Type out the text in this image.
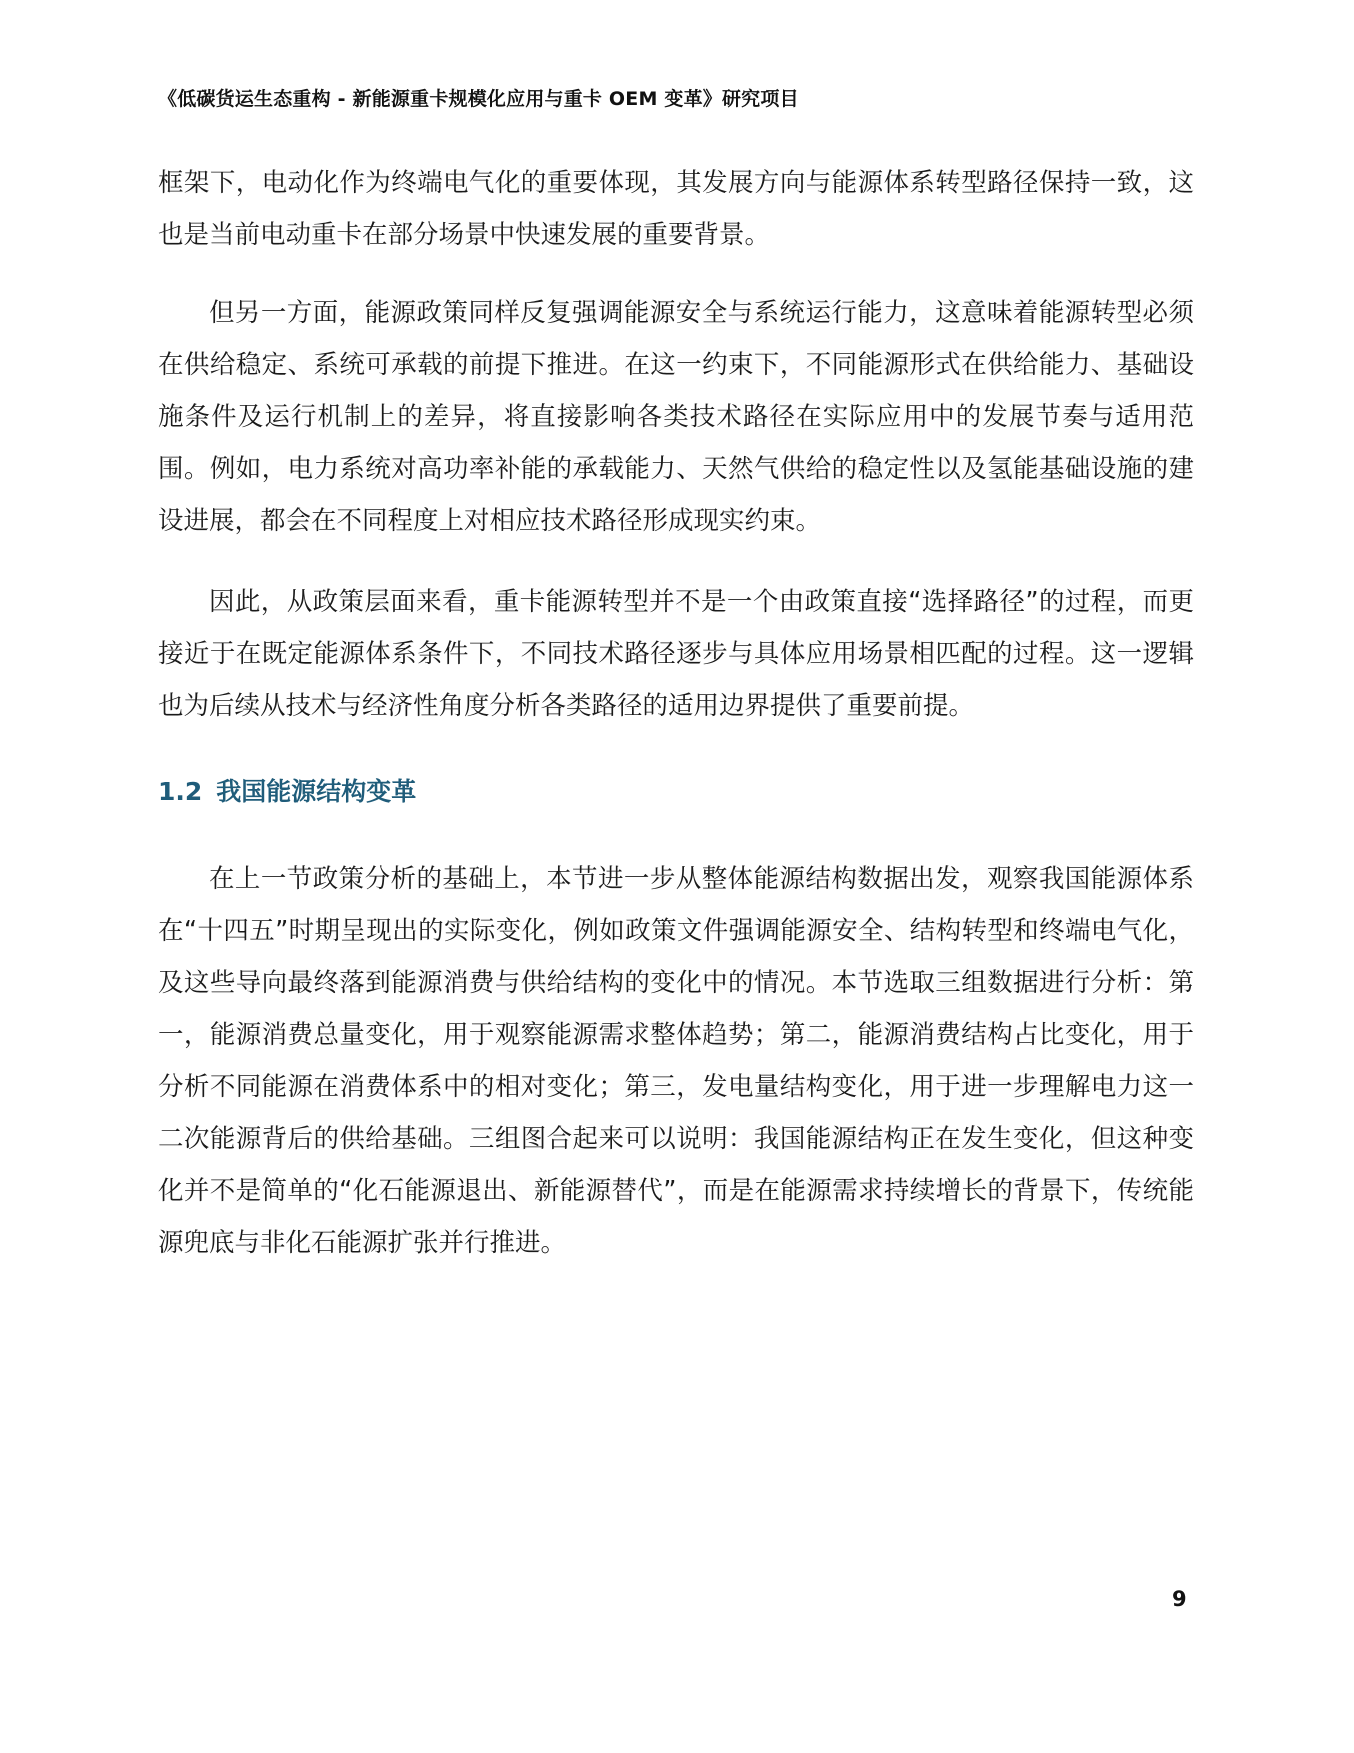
《低碳货运生态重构 - 新能源重卡规模化应用与重卡 OEM 变革》研究项目

框架下，电动化作为终端电气化的重要体现，其发展方向与能源体系转型路径保持一致，这也是当前电动重卡在部分场景中快速发展的重要背景。

但另一方面，能源政策同样反复强调能源安全与系统运行能力，这意味着能源转型必须在供给稳定、系统可承载的前提下推进。在这一约束下，不同能源形式在供给能力、基础设施条件及运行机制上的差异，将直接影响各类技术路径在实际应用中的发展节奏与适用范围。例如，电力系统对高功率补能的承载能力、天然气供给的稳定性以及氢能基础设施的建设进展，都会在不同程度上对相应技术路径形成现实约束。

因此，从政策层面来看，重卡能源转型并不是一个由政策直接“选择路径”的过程，而更接近于在既定能源体系条件下，不同技术路径逐步与具体应用场景相匹配的过程。这一逻辑也为后续从技术与经济性角度分析各类路径的适用边界提供了重要前提。

1.2 我国能源结构变革

在上一节政策分析的基础上，本节进一步从整体能源结构数据出发，观察我国能源体系在“十四五”时期呈现出的实际变化，例如政策文件强调能源安全、结构转型和终端电气化，及这些导向最终落到能源消费与供给结构的变化中的情况。本节选取三组数据进行分析：第一，能源消费总量变化，用于观察能源需求整体趋势；第二，能源消费结构占比变化，用于分析不同能源在消费体系中的相对变化；第三，发电量结构变化，用于进一步理解电力这一二次能源背后的供给基础。三组图合起来可以说明：我国能源结构正在发生变化，但这种变化并不是简单的“化石能源退出、新能源替代”，而是在能源需求持续增长的背景下，传统能源兜底与非化石能源扩张并行推进。

9
